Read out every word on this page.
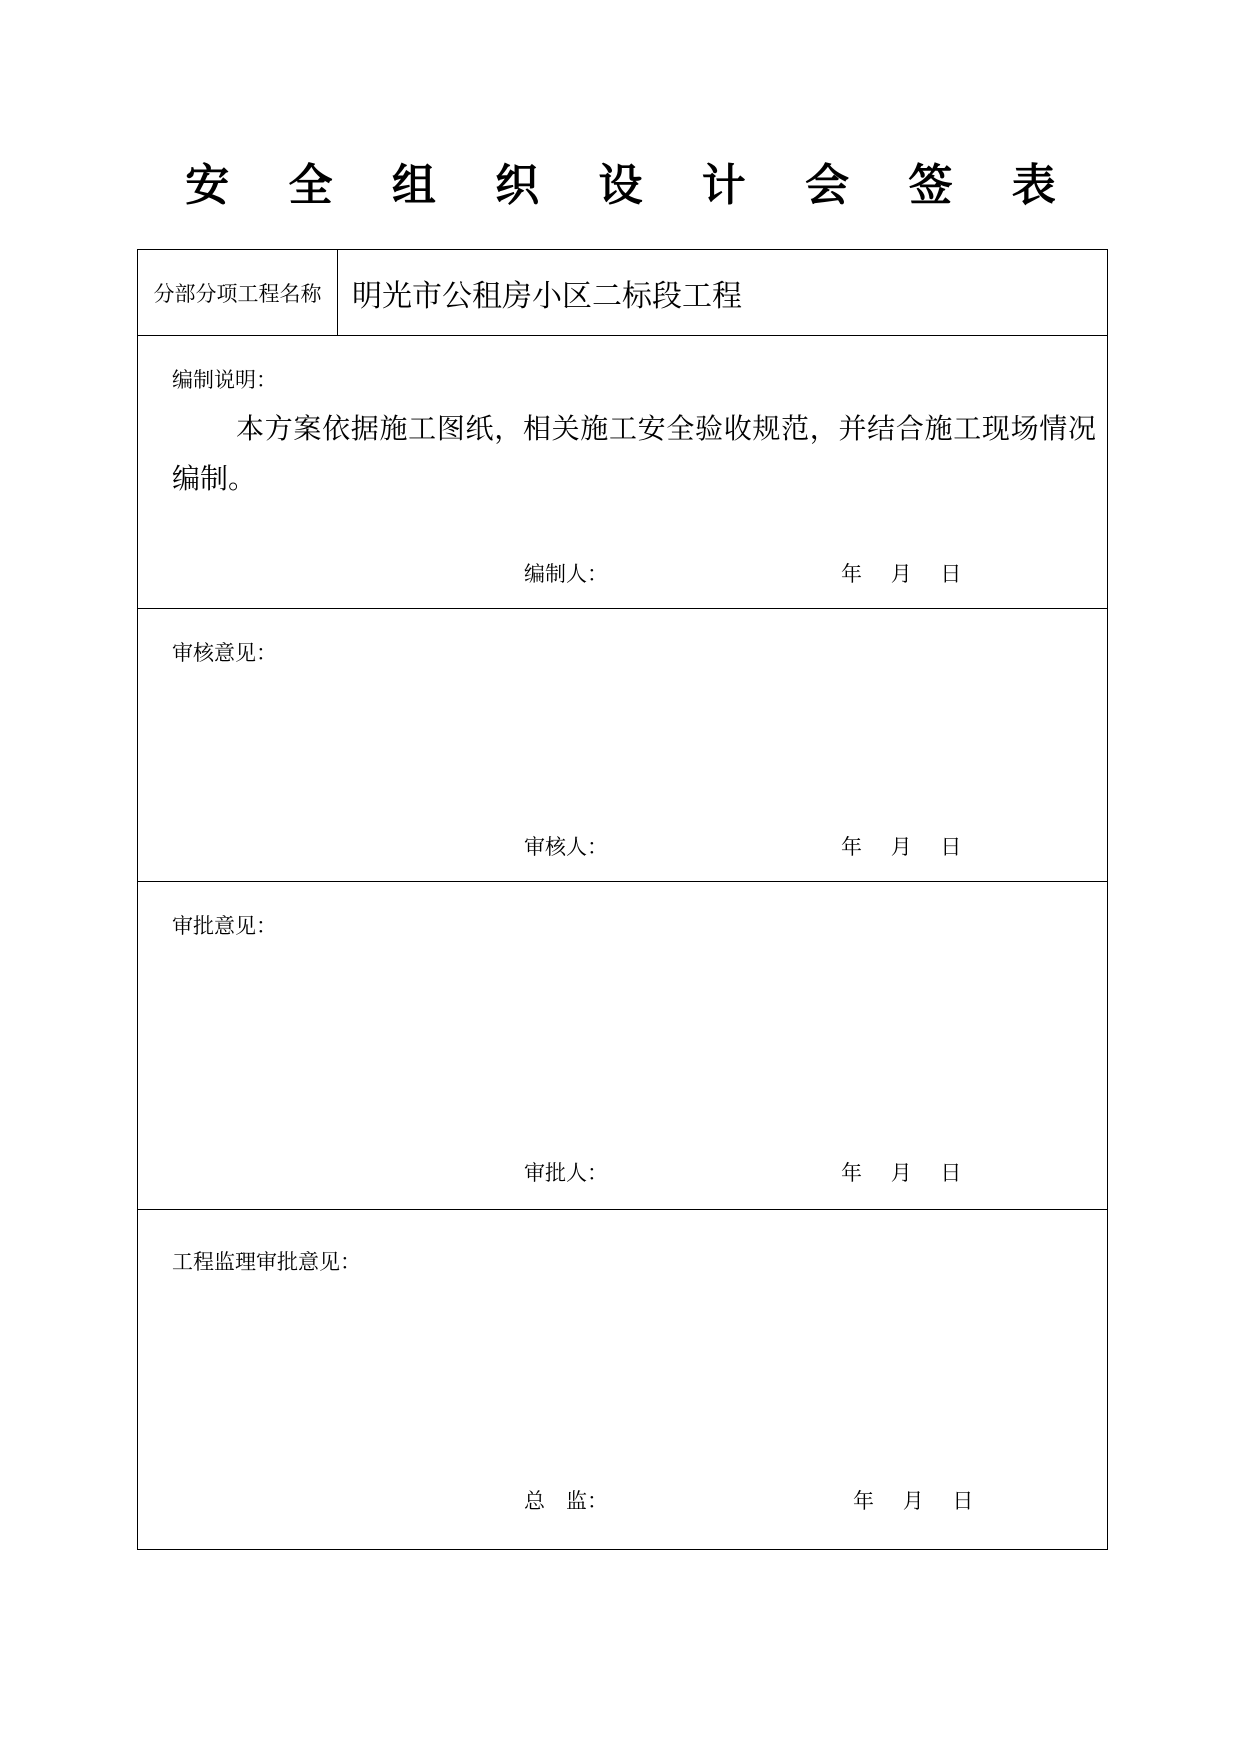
安 全 组 织 设 计 会 签 表
分部分项工程名称	明光市公租房小区二标段工程
编制说明：
本方案依据施工图纸，相关施工安全验收规范，并结合施工现场情况编制。
编制人：	年 月 日
审核意见：
审核人：	年 月 日
审批意见：
审批人：	年 月 日
工程监理审批意见：
总　监：	年 月 日
